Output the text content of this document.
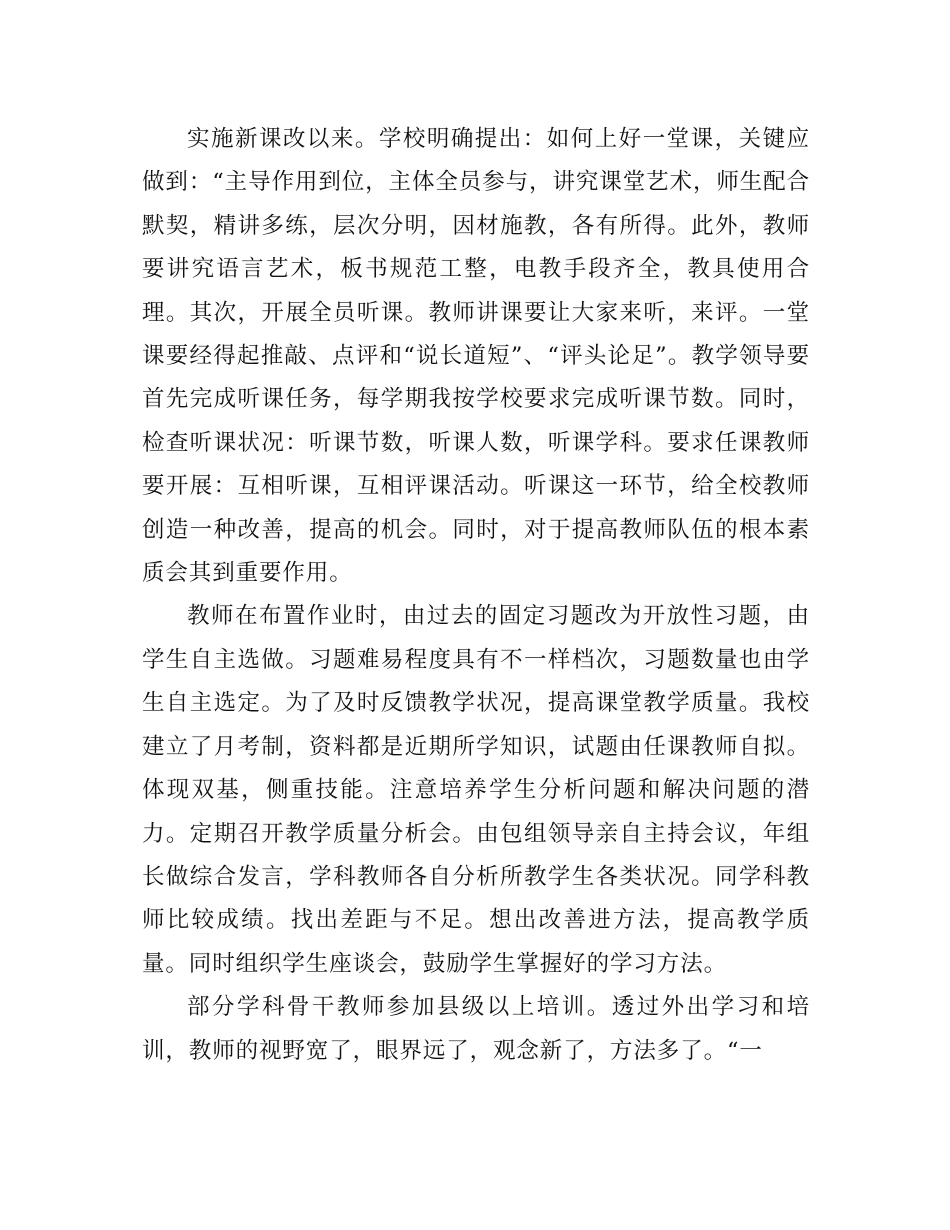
实施新课改以来。学校明确提出：如何上好一堂课，关键应做到：“主导作用到位，主体全员参与，讲究课堂艺术，师生配合默契，精讲多练，层次分明，因材施教，各有所得。此外，教师要讲究语言艺术，板书规范工整，电教手段齐全，教具使用合理。其次，开展全员听课。教师讲课要让大家来听，来评。一堂课要经得起推敲、点评和“说长道短”、“评头论足”。教学领导要首先完成听课任务，每学期我按学校要求完成听课节数。同时，检查听课状况：听课节数，听课人数，听课学科。要求任课教师要开展：互相听课，互相评课活动。听课这一环节，给全校教师创造一种改善，提高的机会。同时，对于提高教师队伍的根本素质会其到重要作用。

教师在布置作业时，由过去的固定习题改为开放性习题，由学生自主选做。习题难易程度具有不一样档次，习题数量也由学生自主选定。为了及时反馈教学状况，提高课堂教学质量。我校建立了月考制，资料都是近期所学知识，试题由任课教师自拟。体现双基，侧重技能。注意培养学生分析问题和解决问题的潜力。定期召开教学质量分析会。由包组领导亲自主持会议，年组长做综合发言，学科教师各自分析所教学生各类状况。同学科教师比较成绩。找出差距与不足。想出改善进方法，提高教学质量。同时组织学生座谈会，鼓励学生掌握好的学习方法。

部分学科骨干教师参加县级以上培训。透过外出学习和培训，教师的视野宽了，眼界远了，观念新了，方法多了。“一
